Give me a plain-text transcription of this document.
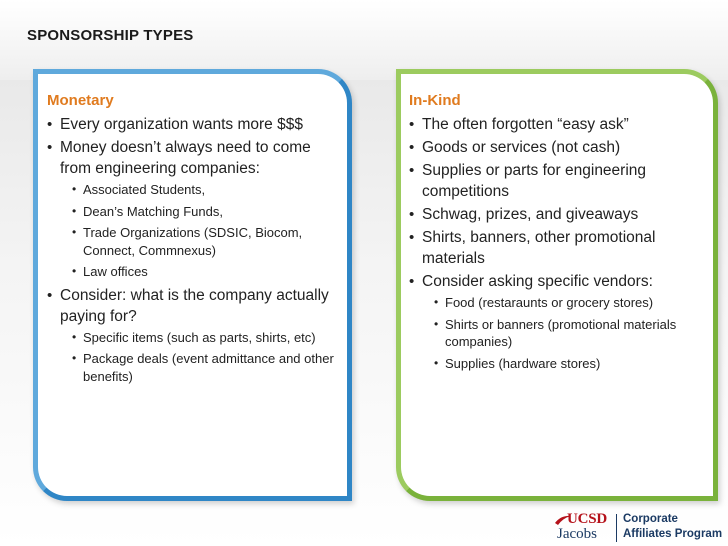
SPONSORSHIP TYPES
Monetary
• Every organization wants more $$$
• Money doesn’t always need to come from engineering companies:
• Associated Students,
• Dean’s Matching Funds,
• Trade Organizations (SDSIC, Biocom, Connect, Commnexus)
• Law offices
• Consider: what is the company actually paying for?
• Specific items (such as parts, shirts, etc)
• Package deals (event admittance and other benefits)
In-Kind
• The often forgotten “easy ask”
• Goods or services (not cash)
• Supplies or parts for engineering competitions
• Schwag, prizes, and giveaways
• Shirts, banners, other promotional materials
• Consider asking specific vendors:
• Food (restaraunts or grocery stores)
• Shirts or banners (promotional materials companies)
• Supplies (hardware stores)
UCSD
Jacobs
Corporate
Affiliates Program
